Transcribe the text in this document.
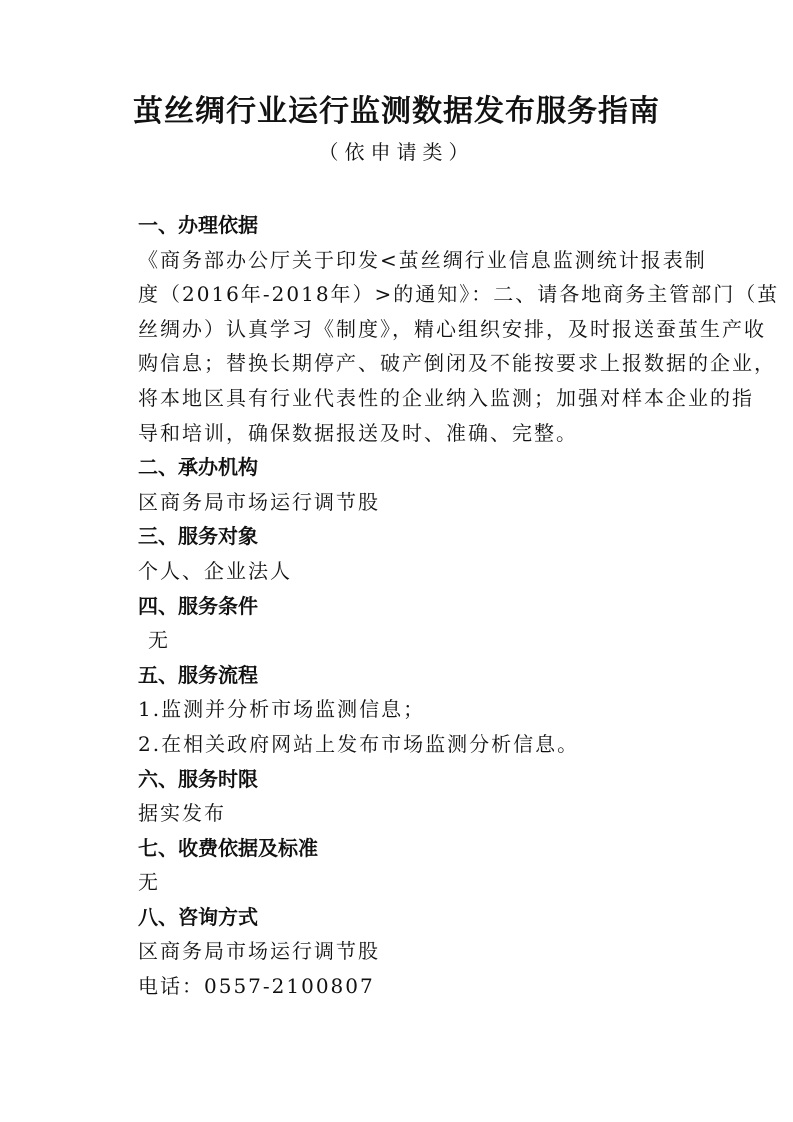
茧丝绸行业运行监测数据发布服务指南
（依申请类）
一、办理依据
《商务部办公厅关于印发<茧丝绸行业信息监测统计报表制
度（2016年-2018年）>的通知》：二、请各地商务主管部门（茧
丝绸办）认真学习《制度》，精心组织安排，及时报送蚕茧生产收
购信息；替换长期停产、破产倒闭及不能按要求上报数据的企业，
将本地区具有行业代表性的企业纳入监测；加强对样本企业的指
导和培训，确保数据报送及时、准确、完整。
二、承办机构
区商务局市场运行调节股
三、服务对象
个人、企业法人
四、服务条件
无
五、服务流程
1.监测并分析市场监测信息；
2.在相关政府网站上发布市场监测分析信息。
六、服务时限
据实发布
七、收费依据及标准
无
八、咨询方式
区商务局市场运行调节股
电话：0557-2100807
